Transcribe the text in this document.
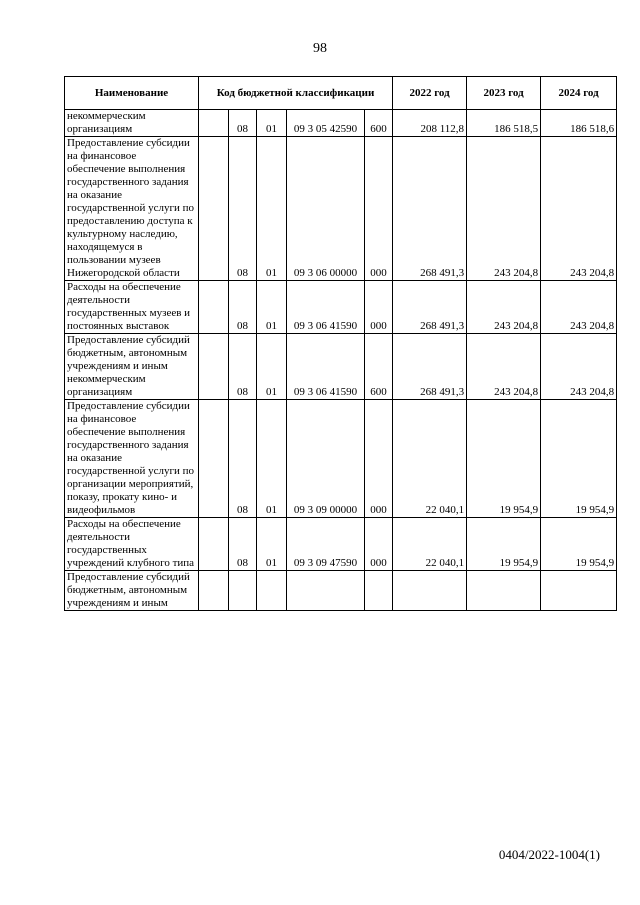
98
Наименование	Код бюджетной классификации					2022 год	2023 год	2024 год
некоммерческим организациям		08	01	09 3 05 42590	600	208 112,8	186 518,5	186 518,6
Предоставление субсидии на финансовое обеспечение выполнения государственного задания на оказание государственной услуги по предоставлению доступа к культурному наследию, находящемуся в пользовании музеев Нижегородской области		08	01	09 3 06 00000	000	268 491,3	243 204,8	243 204,8
Расходы на обеспечение деятельности государственных музеев и постоянных выставок		08	01	09 3 06 41590	000	268 491,3	243 204,8	243 204,8
Предоставление субсидий бюджетным, автономным учреждениям и иным некоммерческим организациям		08	01	09 3 06 41590	600	268 491,3	243 204,8	243 204,8
Предоставление субсидии на финансовое обеспечение выполнения государственного задания на оказание государственной услуги по организации мероприятий, показу, прокату кино- и видеофильмов		08	01	09 3 09 00000	000	22 040,1	19 954,9	19 954,9
Расходы на обеспечение деятельности государственных учреждений клубного типа		08	01	09 3 09 47590	000	22 040,1	19 954,9	19 954,9
Предоставление субсидий бюджетным, автономным учреждениям и иным								
0404/2022-1004(1)
